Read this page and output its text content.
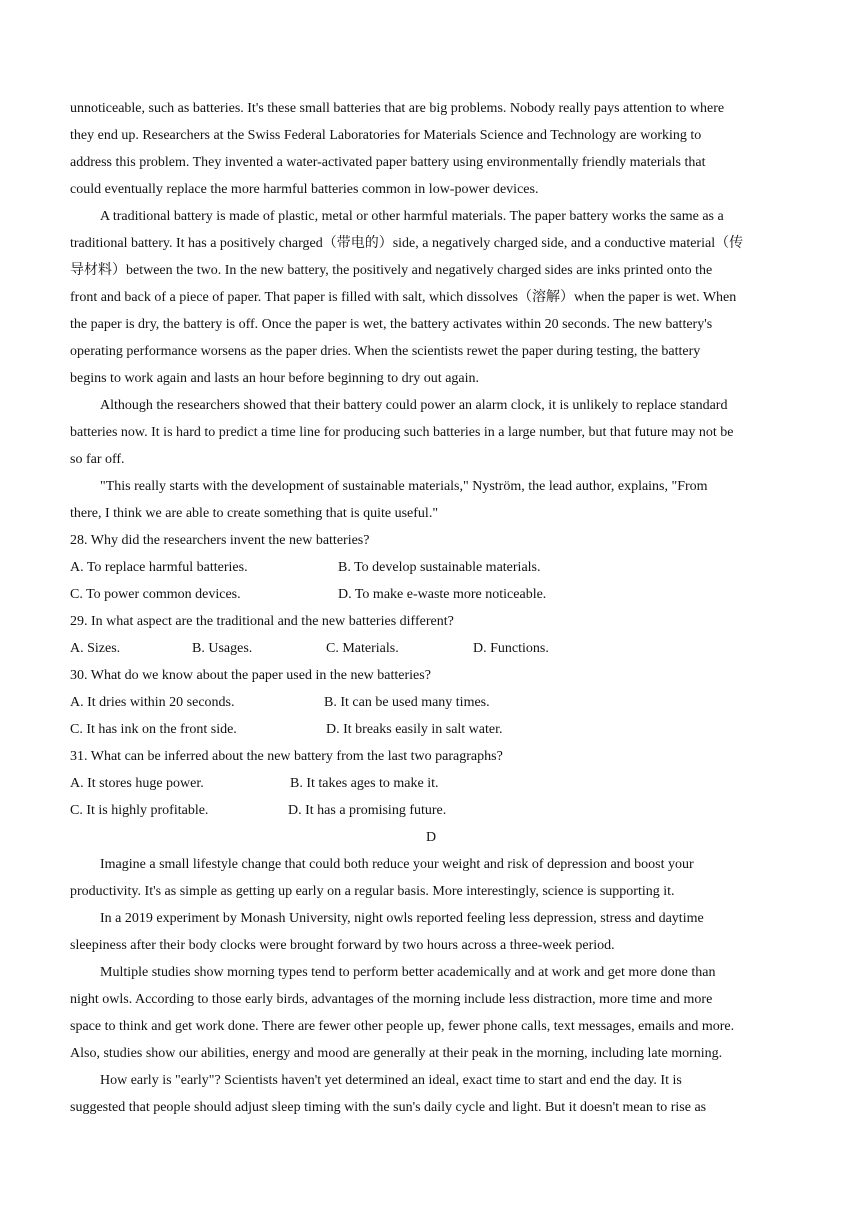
unnoticeable, such as batteries. It's these small batteries that are big problems. Nobody really pays attention to where
they end up. Researchers at the Swiss Federal Laboratories for Materials Science and Technology are working to
address this problem. They invented a water-activated paper battery using environmentally friendly materials that
could eventually replace the more harmful batteries common in low-power devices.
A traditional battery is made of plastic, metal or other harmful materials. The paper battery works the same as a
traditional battery. It has a positively charged（带电的）side, a negatively charged side, and a conductive material（传
导材料）between the two. In the new battery, the positively and negatively charged sides are inks printed onto the
front and back of a piece of paper. That paper is filled with salt, which dissolves（溶解）when the paper is wet. When
the paper is dry, the battery is off. Once the paper is wet, the battery activates within 20 seconds. The new battery's
operating performance worsens as the paper dries. When the scientists rewet the paper during testing, the battery
begins to work again and lasts an hour before beginning to dry out again.
Although the researchers showed that their battery could power an alarm clock, it is unlikely to replace standard
batteries now. It is hard to predict a time line for producing such batteries in a large number, but that future may not be
so far off.
"This really starts with the development of sustainable materials," Nyström, the lead author, explains, "From
there, I think we are able to create something that is quite useful."
28. Why did the researchers invent the new batteries?
A. To replace harmful batteries.	B. To develop sustainable materials.
C. To power common devices.	D. To make e-waste more noticeable.
29. In what aspect are the traditional and the new batteries different?
A. Sizes.	B. Usages.	C. Materials.	D. Functions.
30. What do we know about the paper used in the new batteries?
A. It dries within 20 seconds.	B. It can be used many times.
C. It has ink on the front side.	D. It breaks easily in salt water.
31. What can be inferred about the new battery from the last two paragraphs?
A. It stores huge power.	B. It takes ages to make it.
C. It is highly profitable.	D. It has a promising future.
D
Imagine a small lifestyle change that could both reduce your weight and risk of depression and boost your
productivity. It's as simple as getting up early on a regular basis. More interestingly, science is supporting it.
In a 2019 experiment by Monash University, night owls reported feeling less depression, stress and daytime
sleepiness after their body clocks were brought forward by two hours across a three-week period.
Multiple studies show morning types tend to perform better academically and at work and get more done than
night owls. According to those early birds, advantages of the morning include less distraction, more time and more
space to think and get work done. There are fewer other people up, fewer phone calls, text messages, emails and more.
Also, studies show our abilities, energy and mood are generally at their peak in the morning, including late morning.
How early is "early"? Scientists haven't yet determined an ideal, exact time to start and end the day. It is
suggested that people should adjust sleep timing with the sun's daily cycle and light. But it doesn't mean to rise as
